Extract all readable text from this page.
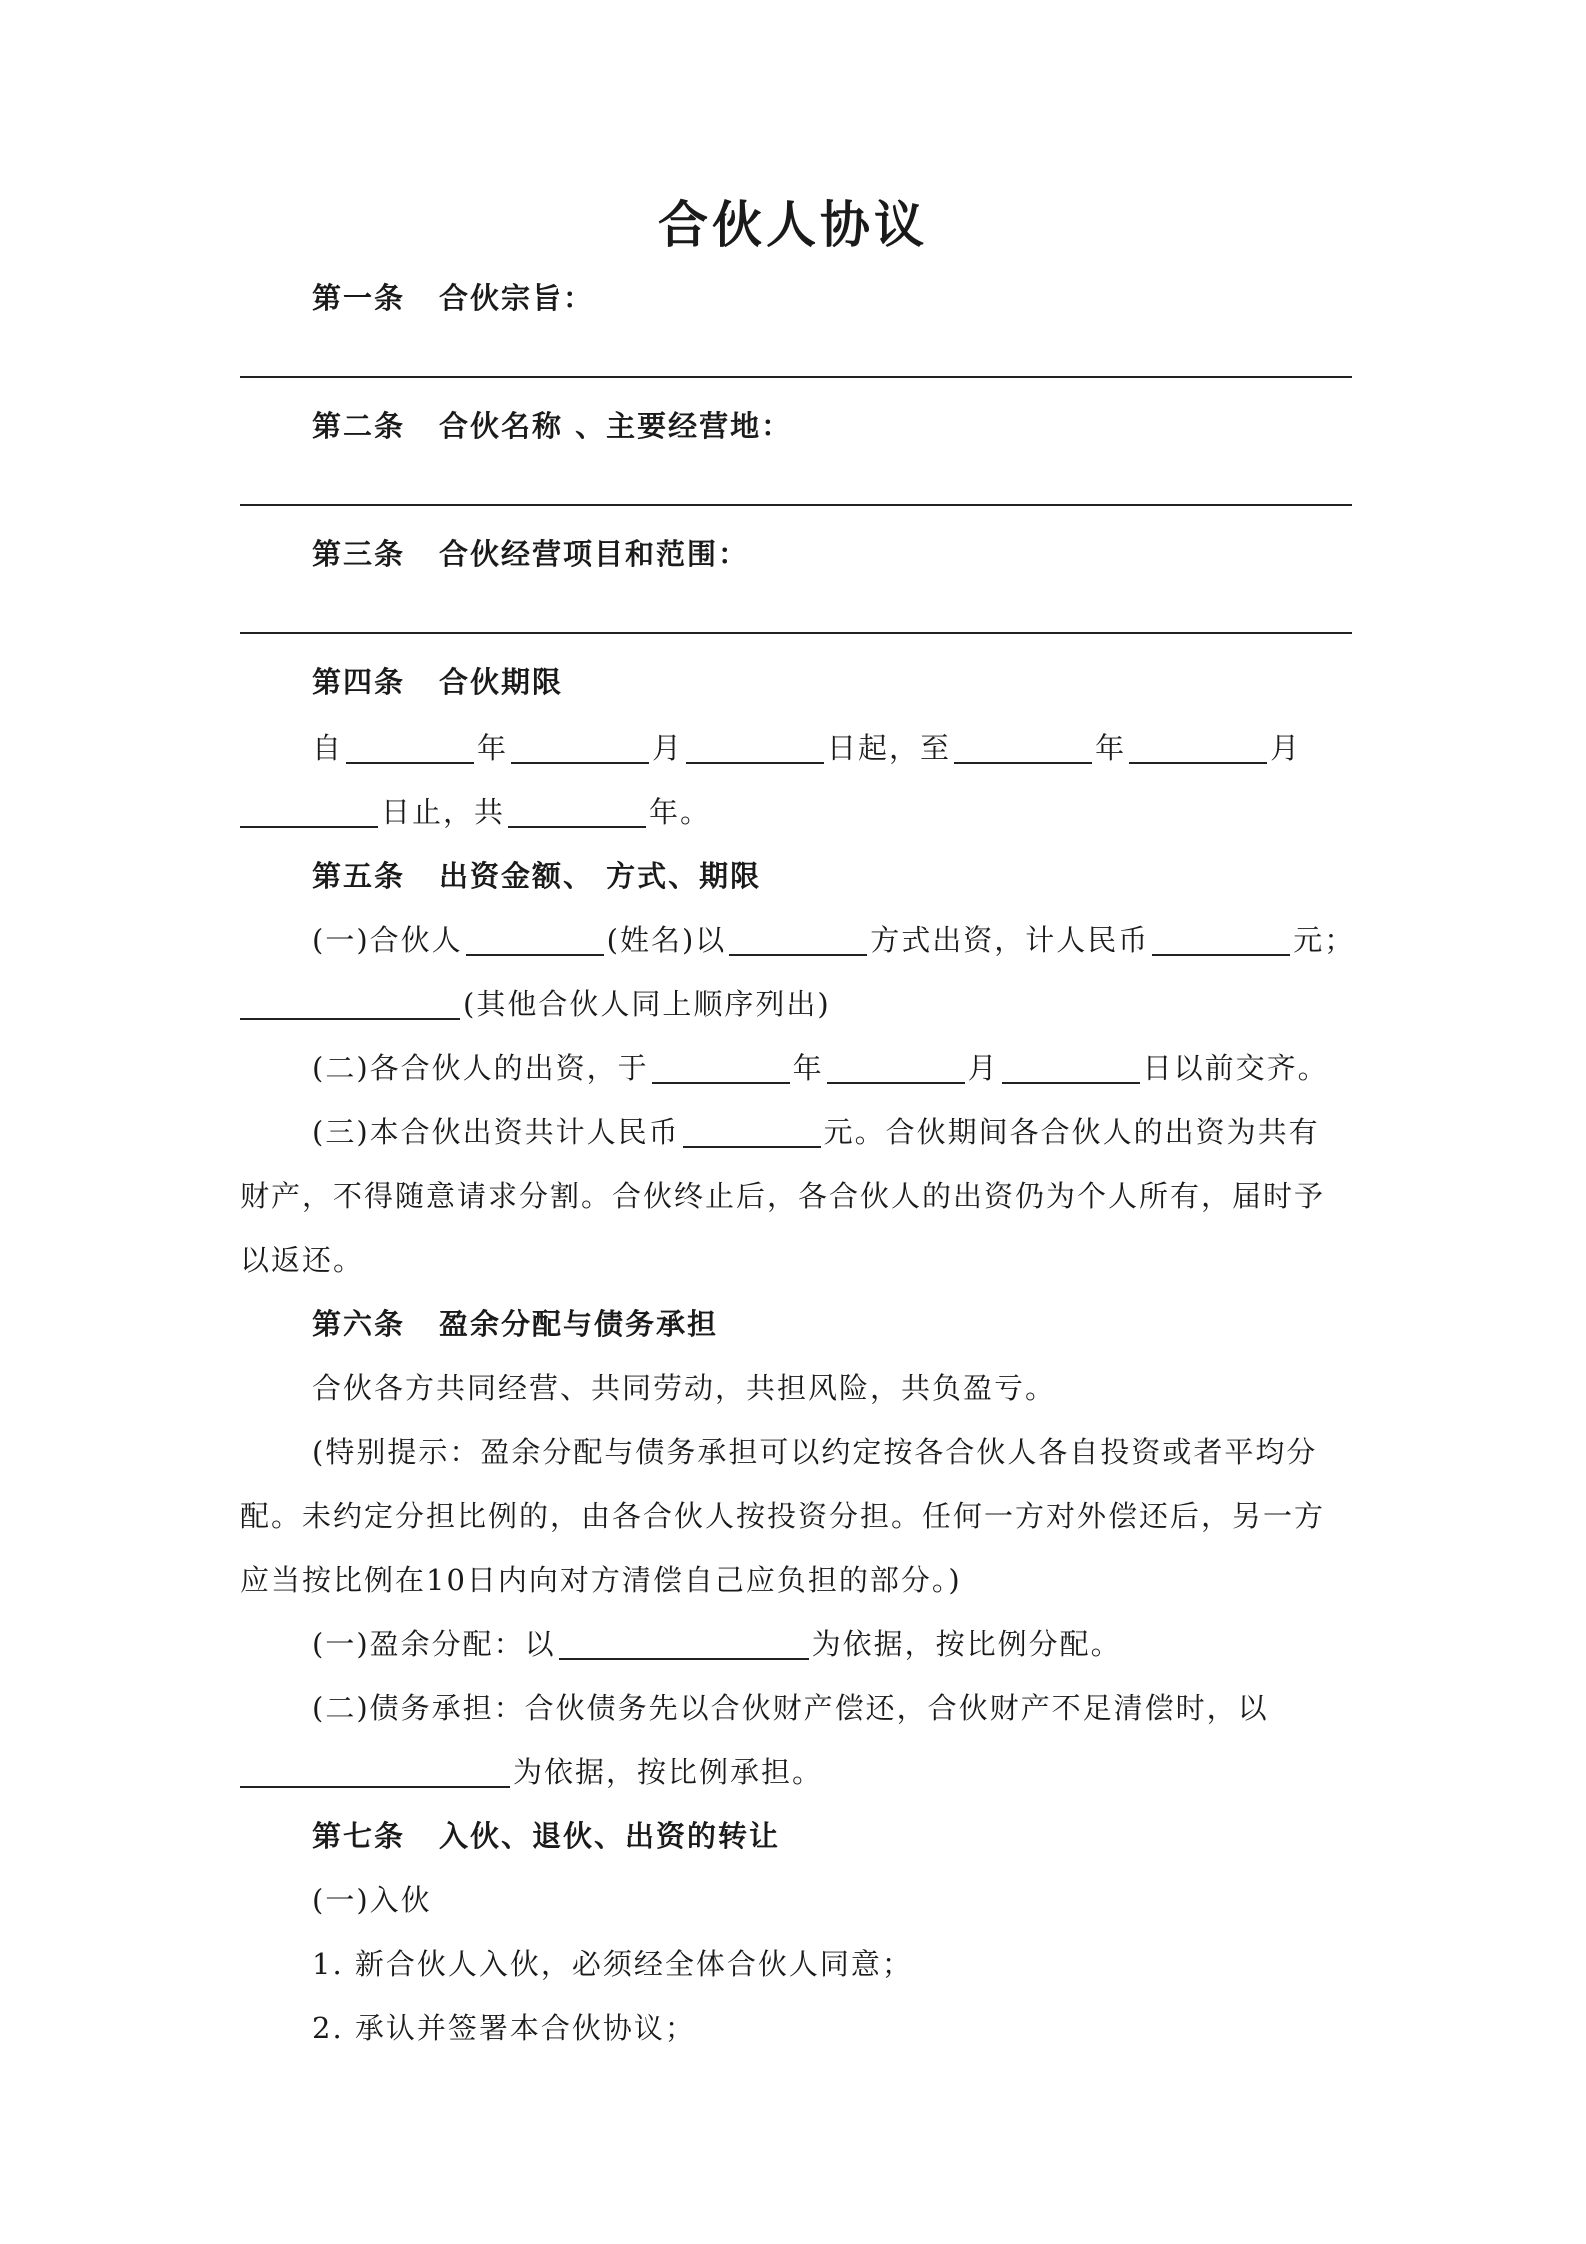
合伙人协议
第一条 合伙宗旨：
第二条 合伙名称 、主要经营地：
第三条 合伙经营项目和范围：
第四条 合伙期限
自	年	月	日起，至	年	月
日止，共	年。
第五条 出资金额、 方式、期限
(一)合伙人	(姓名)以	方式出资，计人民币	元；
(其他合伙人同上顺序列出)
(二)各合伙人的出资，于	年	月	日以前交齐。
(三)本合伙出资共计人民币	元。合伙期间各合伙人的出资为共有
财产，不得随意请求分割。合伙终止后，各合伙人的出资仍为个人所有，届时予
以返还。
第六条 盈余分配与债务承担
合伙各方共同经营、共同劳动，共担风险，共负盈亏。
(特别提示：盈余分配与债务承担可以约定按各合伙人各自投资或者平均分
配。未约定分担比例的，由各合伙人按投资分担。任何一方对外偿还后，另一方
应当按比例在10日内向对方清偿自己应负担的部分。)
(一)盈余分配：以	为依据，按比例分配。
(二)债务承担：合伙债务先以合伙财产偿还，合伙财产不足清偿时，以
为依据，按比例承担。
第七条 入伙、退伙、出资的转让
(一)入伙
1. 新合伙人入伙，必须经全体合伙人同意；
2. 承认并签署本合伙协议；
